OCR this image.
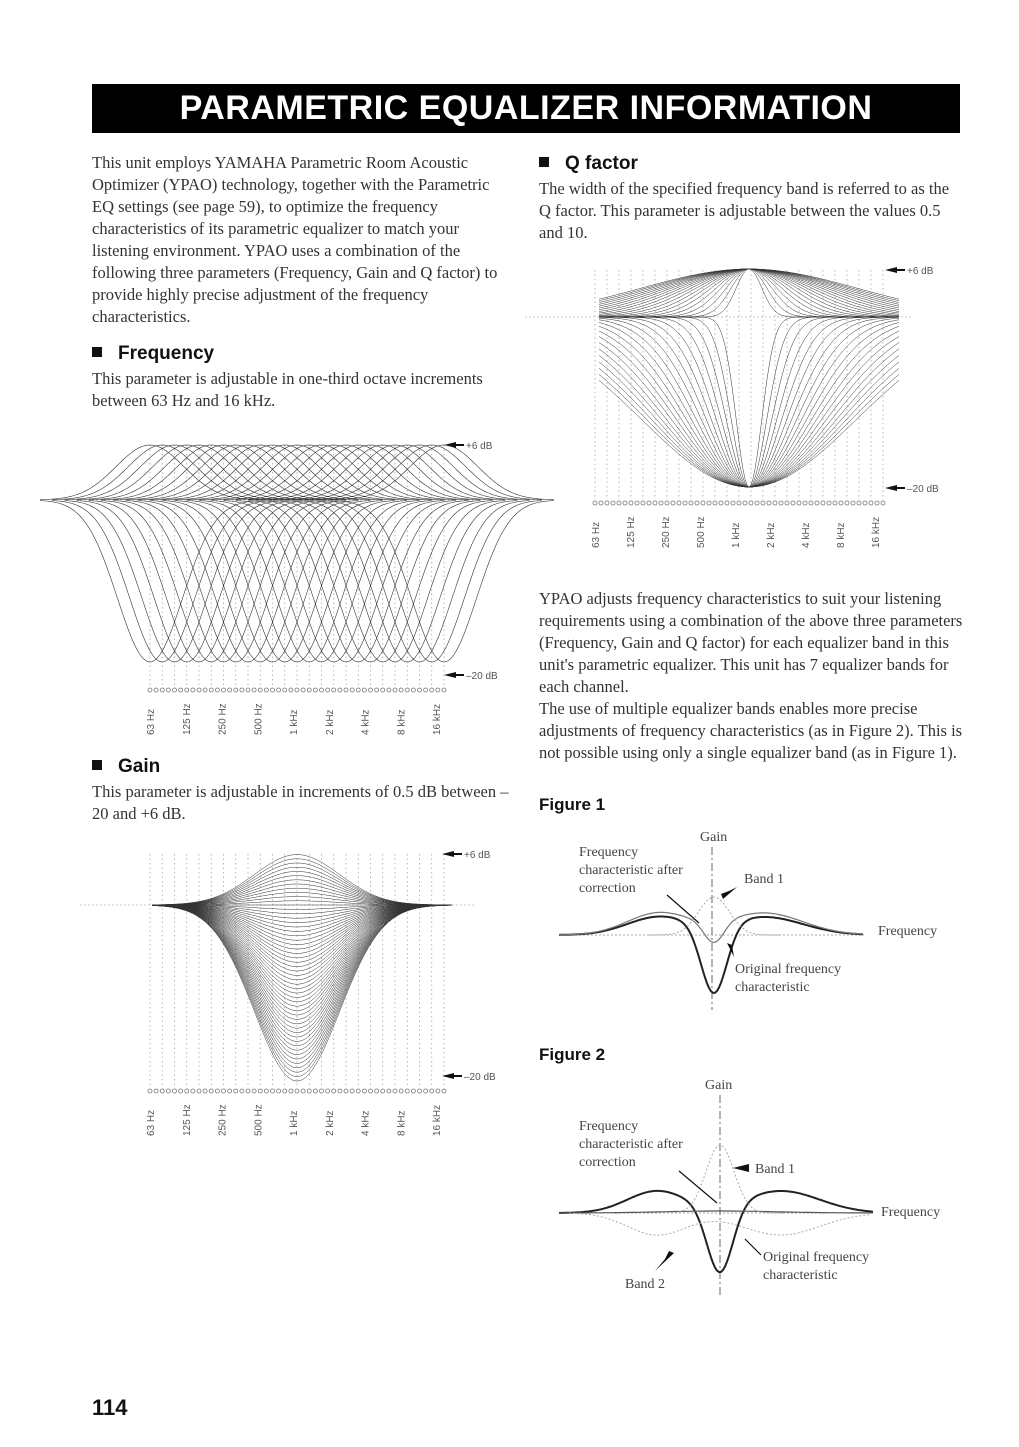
PARAMETRIC EQUALIZER INFORMATION

This unit employs YAMAHA Parametric Room Acoustic Optimizer (YPAO) technology, together with the Parametric EQ settings (see page 59), to optimize the frequency characteristics of its parametric equalizer to match your listening environment. YPAO uses a combination of the following three parameters (Frequency, Gain and Q factor) to provide highly precise adjustment of the frequency characteristics.

Frequency

This parameter is adjustable in one-third octave increments between 63 Hz and 16 kHz.

+6 dB
–20 dB
63 Hz 125 Hz 250 Hz 500 Hz 1 kHz 2 kHz 4 kHz 8 kHz 16 kHz
Gain

This parameter is adjustable in increments of 0.5 dB between –20 and +6 dB.

+6 dB
–20 dB
63 Hz 125 Hz 250 Hz 500 Hz 1 kHz 2 kHz 4 kHz 8 kHz 16 kHz
Q factor

The width of the specified frequency band is referred to as the Q factor. This parameter is adjustable between the values 0.5 and 10.

+6 dB
–20 dB
63 Hz 125 Hz 250 Hz 500 Hz 1 kHz 2 kHz 4 kHz 8 kHz 16 kHz

YPAO adjusts frequency characteristics to suit your listening requirements using a combination of the above three parameters (Frequency, Gain and Q factor) for each equalizer band in this unit's parametric equalizer. This unit has 7 equalizer bands for each channel.

The use of multiple equalizer bands enables more precise adjustments of frequency characteristics (as in Figure 2). This is not possible using only a single equalizer band (as in Figure 1).

Figure 1
Gain
Frequency
characteristic after
correction
Band 1
Frequency
Original frequency
characteristic
Figure 2
Gain
Frequency
characteristic after
correction	Band 1
Frequency
Original frequency
characteristic
Band 2
114
